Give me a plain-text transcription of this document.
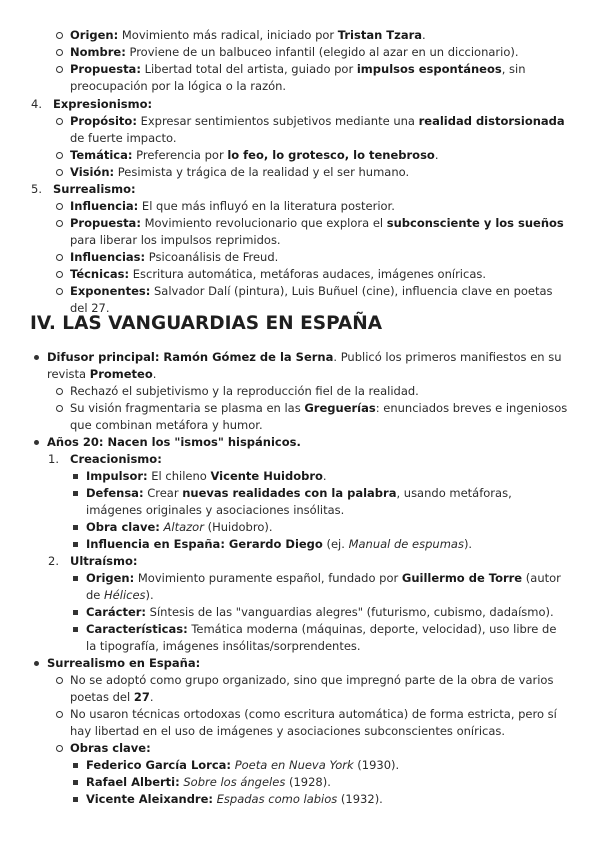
Origen: Movimiento más radical, iniciado por Tristan Tzara.
Nombre: Proviene de un balbuceo infantil (elegido al azar en un diccionario).
Propuesta: Libertad total del artista, guiado por impulsos espontáneos, sin preocupación por la lógica o la razón.
4. Expresionismo:
Propósito: Expresar sentimientos subjetivos mediante una realidad distorsionada de fuerte impacto.
Temática: Preferencia por lo feo, lo grotesco, lo tenebroso.
Visión: Pesimista y trágica de la realidad y el ser humano.
5. Surrealismo:
Influencia: El que más influyó en la literatura posterior.
Propuesta: Movimiento revolucionario que explora el subconsciente y los sueños para liberar los impulsos reprimidos.
Influencias: Psicoanálisis de Freud.
Técnicas: Escritura automática, metáforas audaces, imágenes oníricas.
Exponentes: Salvador Dalí (pintura), Luis Buñuel (cine), influencia clave en poetas del 27.
IV. LAS VANGUARDIAS EN ESPAÑA
Difusor principal: Ramón Gómez de la Serna. Publicó los primeros manifiestos en su revista Prometeo.
Rechazó el subjetivismo y la reproducción fiel de la realidad.
Su visión fragmentaria se plasma en las Greguerías: enunciados breves e ingeniosos que combinan metáfora y humor.
Años 20: Nacen los "ismos" hispánicos.
1. Creacionismo:
Impulsor: El chileno Vicente Huidobro.
Defensa: Crear nuevas realidades con la palabra, usando metáforas, imágenes originales y asociaciones insólitas.
Obra clave: Altazor (Huidobro).
Influencia en España: Gerardo Diego (ej. Manual de espumas).
2. Ultraísmo:
Origen: Movimiento puramente español, fundado por Guillermo de Torre (autor de Hélices).
Carácter: Síntesis de las "vanguardias alegres" (futurismo, cubismo, dadaísmo).
Características: Temática moderna (máquinas, deporte, velocidad), uso libre de la tipografía, imágenes insólitas/sorprendentes.
Surrealismo en España:
No se adoptó como grupo organizado, sino que impregnó parte de la obra de varios poetas del 27.
No usaron técnicas ortodoxas (como escritura automática) de forma estricta, pero sí hay libertad en el uso de imágenes y asociaciones subconscientes oníricas.
Obras clave:
Federico García Lorca: Poeta en Nueva York (1930).
Rafael Alberti: Sobre los ángeles (1928).
Vicente Aleixandre: Espadas como labios (1932).
